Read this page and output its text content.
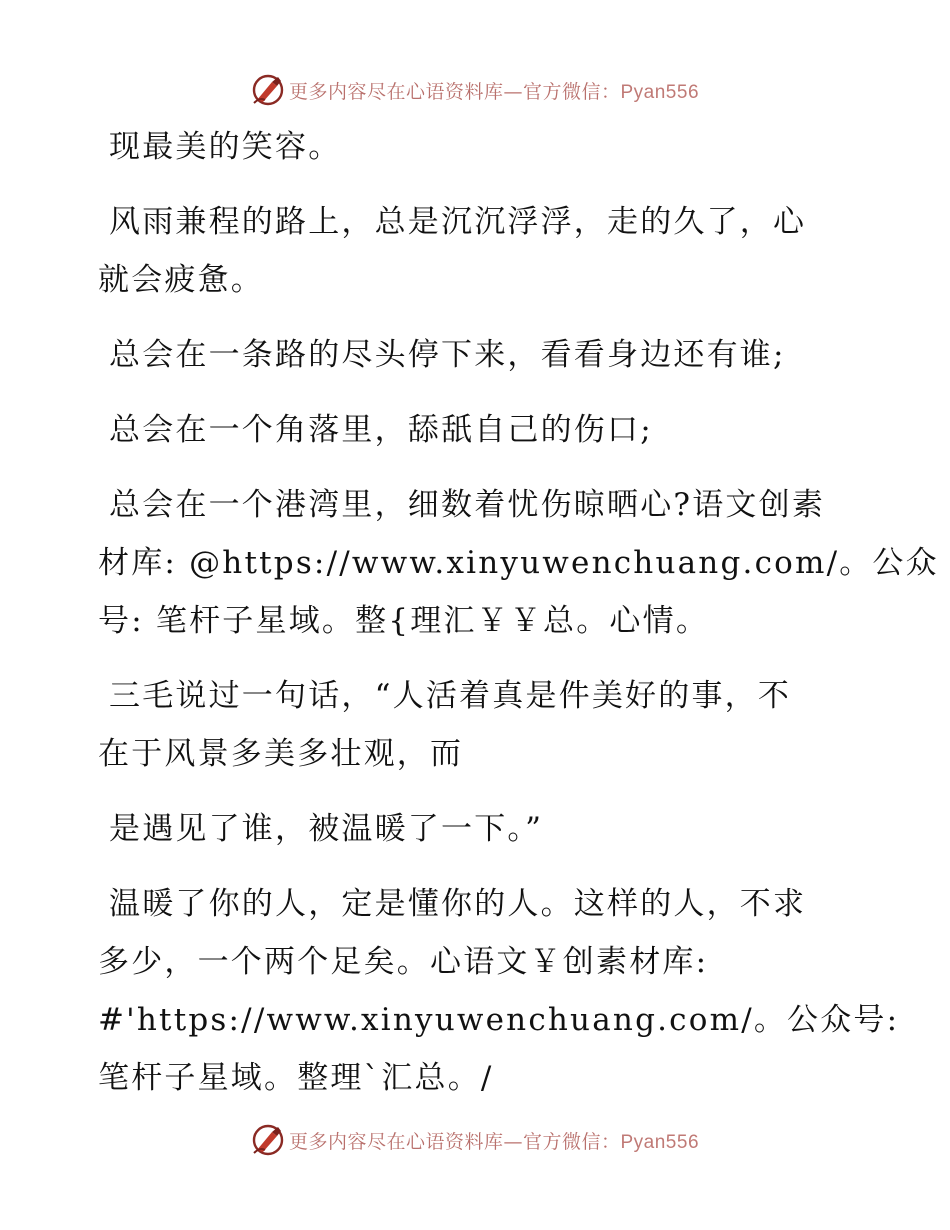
更多内容尽在心语资料库—官方微信：Pyan556
现最美的笑容。
风雨兼程的路上，总是沉沉浮浮，走的久了，心
就会疲惫。
总会在一条路的尽头停下来，看看身边还有谁;
总会在一个角落里，舔舐自己的伤口;
总会在一个港湾里，细数着忧伤晾晒心?语文创素
材库: @https://www.xinyuwenchuang.com/。公众
号: 笔杆子星域。整{理汇￥￥总。心情。
三毛说过一句话，“人活着真是件美好的事，不
在于风景多美多壮观，而
是遇见了谁，被温暖了一下。”
温暖了你的人，定是懂你的人。这样的人，不求
多少，一个两个足矣。心语文￥创素材库:
#'https://www.xinyuwenchuang.com/。公众号:
笔杆子星域。整理`汇总。/
更多内容尽在心语资料库—官方微信：Pyan556
